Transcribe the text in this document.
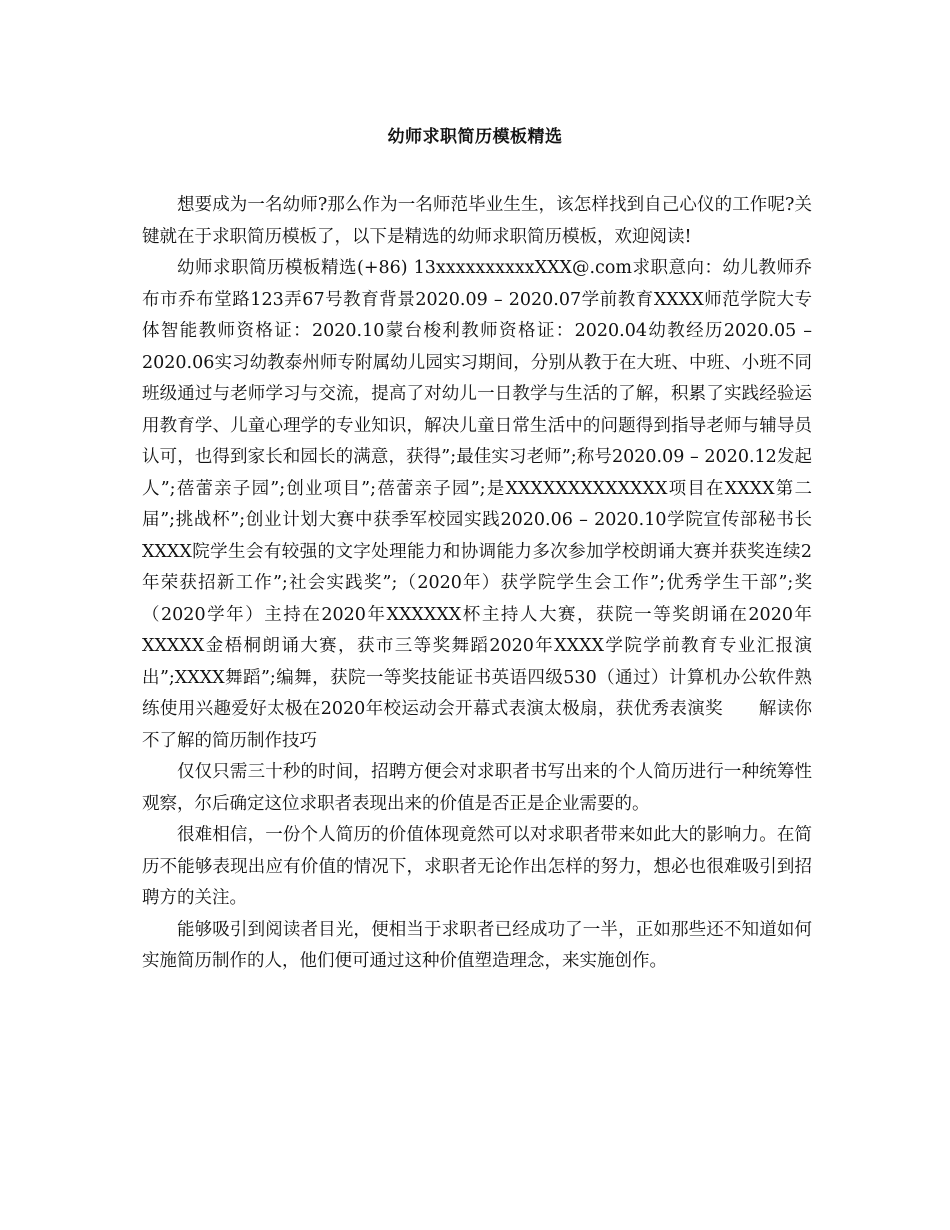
幼师求职简历模板精选

想要成为一名幼师?那么作为一名师范毕业生生，该怎样找到自己心仪的工作呢?关键就在于求职简历模板了，以下是精选的幼师求职简历模板，欢迎阅读!

幼师求职简历模板精选(+86) 13xxxxxxxxxxXXX@.com求职意向：幼儿教师乔布市乔布堂路123弄67号教育背景2020.09 – 2020.07学前教育XXXX师范学院大专体智能教师资格证：2020.10蒙台梭利教师资格证：2020.04幼教经历2020.05 – 2020.06实习幼教泰州师专附属幼儿园实习期间，分别从教于在大班、中班、小班不同班级通过与老师学习与交流，提高了对幼儿一日教学与生活的了解，积累了实践经验运用教育学、儿童心理学的专业知识，解决儿童日常生活中的问题得到指导老师与辅导员认可，也得到家长和园长的满意，获得”;最佳实习老师”;称号2020.09 – 2020.12发起人”;蓓蕾亲子园”;创业项目”;蓓蕾亲子园”;是XXXXXXXXXXXXX项目在XXXX第二届”;挑战杯”;创业计划大赛中获季军校园实践2020.06 – 2020.10学院宣传部秘书长XXXX院学生会有较强的文字处理能力和协调能力多次参加学校朗诵大赛并获奖连续2年荣获招新工作”;社会实践奖”;（2020年）获学院学生会工作”;优秀学生干部”;奖（2020学年）主持在2020年XXXXXX杯主持人大赛，获院一等奖朗诵在2020年XXXXX金梧桐朗诵大赛，获市三等奖舞蹈2020年XXXX学院学前教育专业汇报演出”;XXXX舞蹈”;编舞，获院一等奖技能证书英语四级530（通过）计算机办公软件熟练使用兴趣爱好太极在2020年校运动会开幕式表演太极扇，获优秀表演奖　　解读你不了解的简历制作技巧

仅仅只需三十秒的时间，招聘方便会对求职者书写出来的个人简历进行一种统筹性观察，尔后确定这位求职者表现出来的价值是否正是企业需要的。

很难相信，一份个人简历的价值体现竟然可以对求职者带来如此大的影响力。在简历不能够表现出应有价值的情况下，求职者无论作出怎样的努力，想必也很难吸引到招聘方的关注。

能够吸引到阅读者目光，便相当于求职者已经成功了一半，正如那些还不知道如何实施简历制作的人，他们便可通过这种价值塑造理念，来实施创作。
